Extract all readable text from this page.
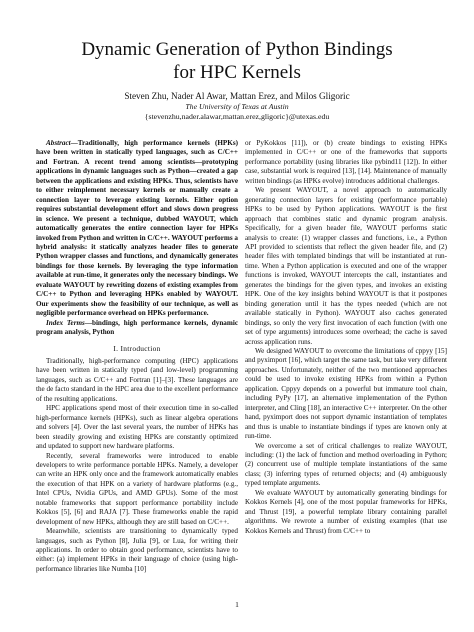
Dynamic Generation of Python Bindings
for HPC Kernels
Steven Zhu, Nader Al Awar, Mattan Erez, and Milos Gligoric
The University of Texas at Austin
{stevenzhu,nader.alawar,mattan.erez,gligoric}@utexas.edu

Abstract—Traditionally, high performance kernels (HPKs) have been written in statically typed languages, such as C/C++ and Fortran. A recent trend among scientists—prototyping applications in dynamic languages such as Python—created a gap between the applications and existing HPKs. Thus, scientists have to either reimplement necessary kernels or manually create a connection layer to leverage existing kernels. Either option requires substantial development effort and slows down progress in science. We present a technique, dubbed WAYOUT, which automatically generates the entire connection layer for HPKs invoked from Python and written in C/C++. WAYOUT performs a hybrid analysis: it statically analyzes header files to generate Python wrapper classes and functions, and dynamically generates bindings for those kernels. By leveraging the type information available at run-time, it generates only the necessary bindings. We evaluate WAYOUT by rewriting dozens of existing examples from C/C++ to Python and leveraging HPKs enabled by WAYOUT. Our experiments show the feasibility of our technique, as well as negligible performance overhead on HPKs performance.

Index Terms—bindings, high performance kernels, dynamic program analysis, Python

I. Introduction

Traditionally, high-performance computing (HPC) applications have been written in statically typed (and low-level) programming languages, such as C/C++ and Fortran [1]–[3]. These languages are the de facto standard in the HPC area due to the excellent performance of the resulting applications.

HPC applications spend most of their execution time in so-called high-performance kernels (HPKs), such as linear algebra operations and solvers [4]. Over the last several years, the number of HPKs has been steadily growing and existing HPKs are constantly optimized and updated to support new hardware platforms.

Recently, several frameworks were introduced to enable developers to write performance portable HPKs. Namely, a developer can write an HPK only once and the framework automatically enables the execution of that HPK on a variety of hardware platforms (e.g., Intel CPUs, Nvidia GPUs, and AMD GPUs). Some of the most notable frameworks that support performance portability include Kokkos [5], [6] and RAJA [7]. These frameworks enable the rapid development of new HPKs, although they are still based on C/C++.

Meanwhile, scientists are transitioning to dynamically typed languages, such as Python [8], Julia [9], or Lua, for writing their applications. In order to obtain good performance, scientists have to either: (a) implement HPKs in their language of choice (using high-performance libraries like Numba [10]

or PyKokkos [11]), or (b) create bindings to existing HPKs implemented in C/C++ or one of the frameworks that supports performance portability (using libraries like pybind11 [12]). In either case, substantial work is required [13], [14]. Maintenance of manually written bindings (as HPKs evolve) introduces additional challenges.

We present WAYOUT, a novel approach to automatically generating connection layers for existing (performance portable) HPKs to be used by Python applications. WAYOUT is the first approach that combines static and dynamic program analysis. Specifically, for a given header file, WAYOUT performs static analysis to create: (1) wrapper classes and functions, i.e., a Python API provided to scientists that reflect the given header file, and (2) header files with templated bindings that will be instantiated at run-time. When a Python application is executed and one of the wrapper functions is invoked, WAYOUT intercepts the call, instantiates and generates the bindings for the given types, and invokes an existing HPK. One of the key insights behind WAYOUT is that it postpones binding generation until it has the types needed (which are not available statically in Python). WAYOUT also caches generated bindings, so only the very first invocation of each function (with one set of type arguments) introduces some overhead; the cache is saved across application runs.

We designed WAYOUT to overcome the limitations of cppyy [15] and pyximport [16], which target the same task, but take very different approaches. Unfortunately, neither of the two mentioned approaches could be used to invoke existing HPKs from within a Python application. Cppyy depends on a powerful but immature tool chain, including PyPy [17], an alternative implementation of the Python interpreter, and Cling [18], an interactive C++ interpreter. On the other hand, pyximport does not support dynamic instantiation of templates and thus is unable to instantiate bindings if types are known only at run-time.

We overcome a set of critical challenges to realize WAYOUT, including: (1) the lack of function and method overloading in Python; (2) concurrent use of multiple template instantiations of the same class; (3) inferring types of returned objects; and (4) ambiguously typed template arguments.

We evaluate WAYOUT by automatically generating bindings for Kokkos Kernels [4], one of the most popular frameworks for HPKs, and Thrust [19], a powerful template library containing parallel algorithms. We rewrote a number of existing examples (that use Kokkos Kernels and Thrust) from C/C++ to

1
